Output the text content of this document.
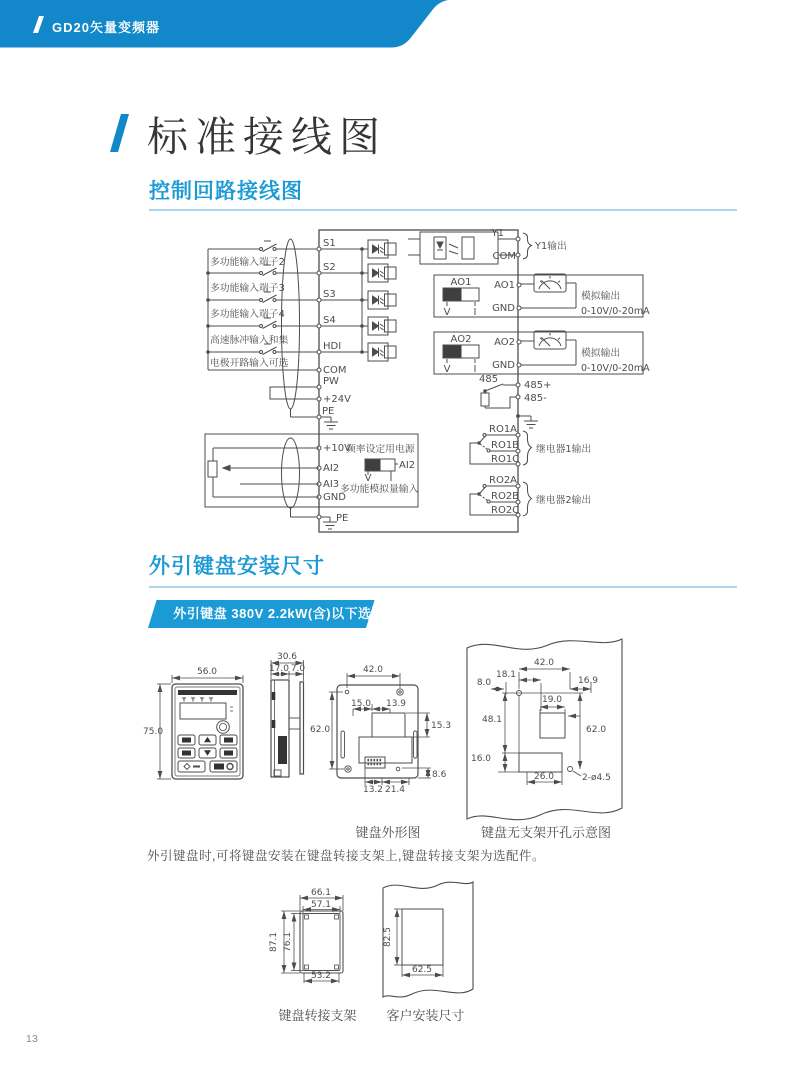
GD20矢量变频器
标准接线图
控制回路接线图
多功能输入端子2
多功能输入端子3
多功能输入端子4
高速脉冲输入和集
电极开路输入可选
S1
S2
S3
S4
HDI
COM
PW
+24V
PE
Y1
COM
Y1输出
AO1
V I
AO1
GND
模拟输出
0-10V/0-20mA
AO2
V I
AO2
GND
模拟输出
0-10V/0-20mA
485
485+
485-
RO1A
RO1B
RO1C
继电器1输出
RO2A
RO2B
RO2C
继电器2输出
+10V
频率设定用电源
AI2
AI3
GND
AI2
V I
多功能模拟量输入
PE
外引键盘安装尺寸
外引键盘 380V 2.2kW(含)以下选配结构图
56.0
75.0
30.6
17.0 7.0	42.0
62.0
15.0 13.9
15.3
8.6
13.2 21.4
42.0
18.1
8.0	16.9
19.0
48.1
62.0
16.0
26.0	2-ø4.5
键盘外形图	键盘无支架开孔示意图
外引键盘时,可将键盘安装在键盘转接支架上,键盘转接支架为选配件。
66.1
57.1
87.1 76.1
53.2
82.5
62.5
键盘转接支架	客户安装尺寸
13
